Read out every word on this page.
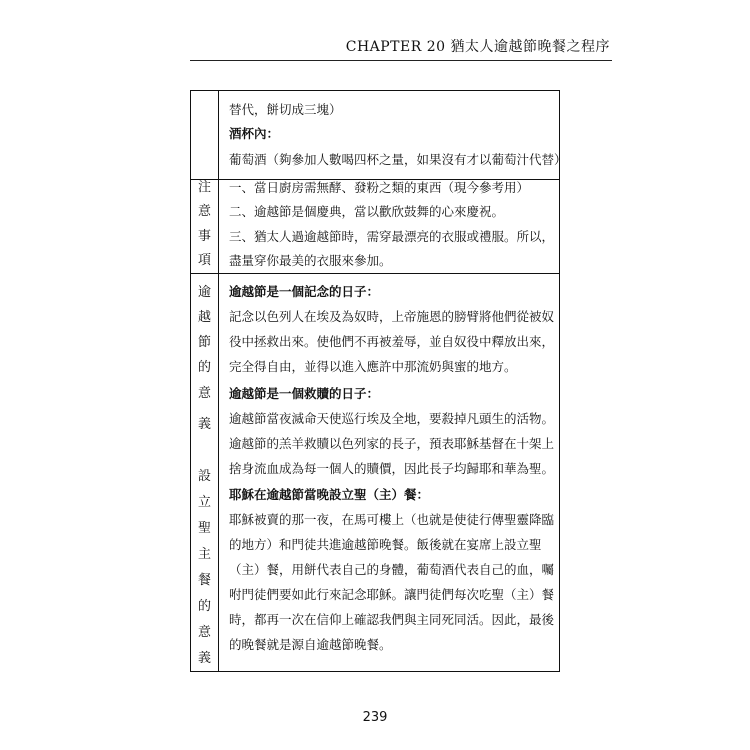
CHAPTER 20 猶太人逾越節晚餐之程序
替代，餅切成三塊）
酒杯內：
葡萄酒（夠參加人數喝四杯之量，如果沒有才以葡萄汁代替）
注
意
事
項
一、當日廚房需無酵、發粉之類的東西（現今參考用）
二、逾越節是個慶典，當以歡欣鼓舞的心來慶祝。
三、猶太人過逾越節時，需穿最漂亮的衣服或禮服。所以，
盡量穿你最美的衣服來參加。
逾
越
節
的
意
義
設
立
聖
主
餐
的
意
義
逾越節是一個記念的日子：
記念以色列人在埃及為奴時，上帝施恩的膀臂將他們從被奴
役中拯救出來。使他們不再被羞辱，並自奴役中釋放出來，
完全得自由，並得以進入應許中那流奶與蜜的地方。
逾越節是一個救贖的日子：
逾越節當夜滅命天使巡行埃及全地，要殺掉凡頭生的活物。
逾越節的羔羊救贖以色列家的長子，預表耶穌基督在十架上
捨身流血成為每一個人的贖價，因此長子均歸耶和華為聖。
耶穌在逾越節當晚設立聖（主）餐：
耶穌被賣的那一夜，在馬可樓上（也就是使徒行傳聖靈降臨
的地方）和門徒共進逾越節晚餐。飯後就在宴席上設立聖
（主）餐，用餅代表自己的身體，葡萄酒代表自己的血，囑
咐門徒們要如此行來記念耶穌。讓門徒們每次吃聖（主）餐
時，都再一次在信仰上確認我們與主同死同活。因此，最後
的晚餐就是源自逾越節晚餐。
239
